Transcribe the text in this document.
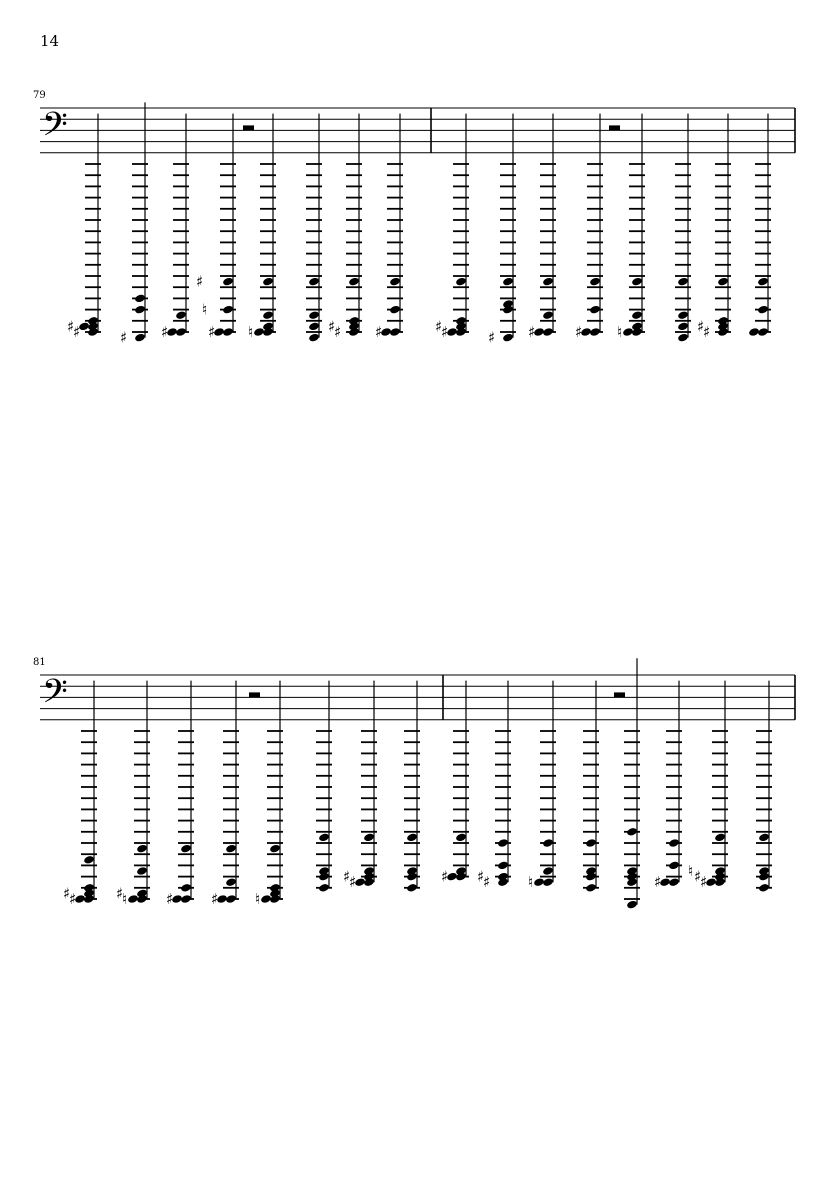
14
79
𝄢
♯
♯
♯ ♯	♯
♮
♯
♮	♯
♯	♯	♯
♯
♯ ♯	♯ ♮	♯
♯
81
𝄢
♯
♯	♮
♯	♯	♯ ♮
♯
♯	♯ ♯
♯	♮	♯	♯
♯
♮
